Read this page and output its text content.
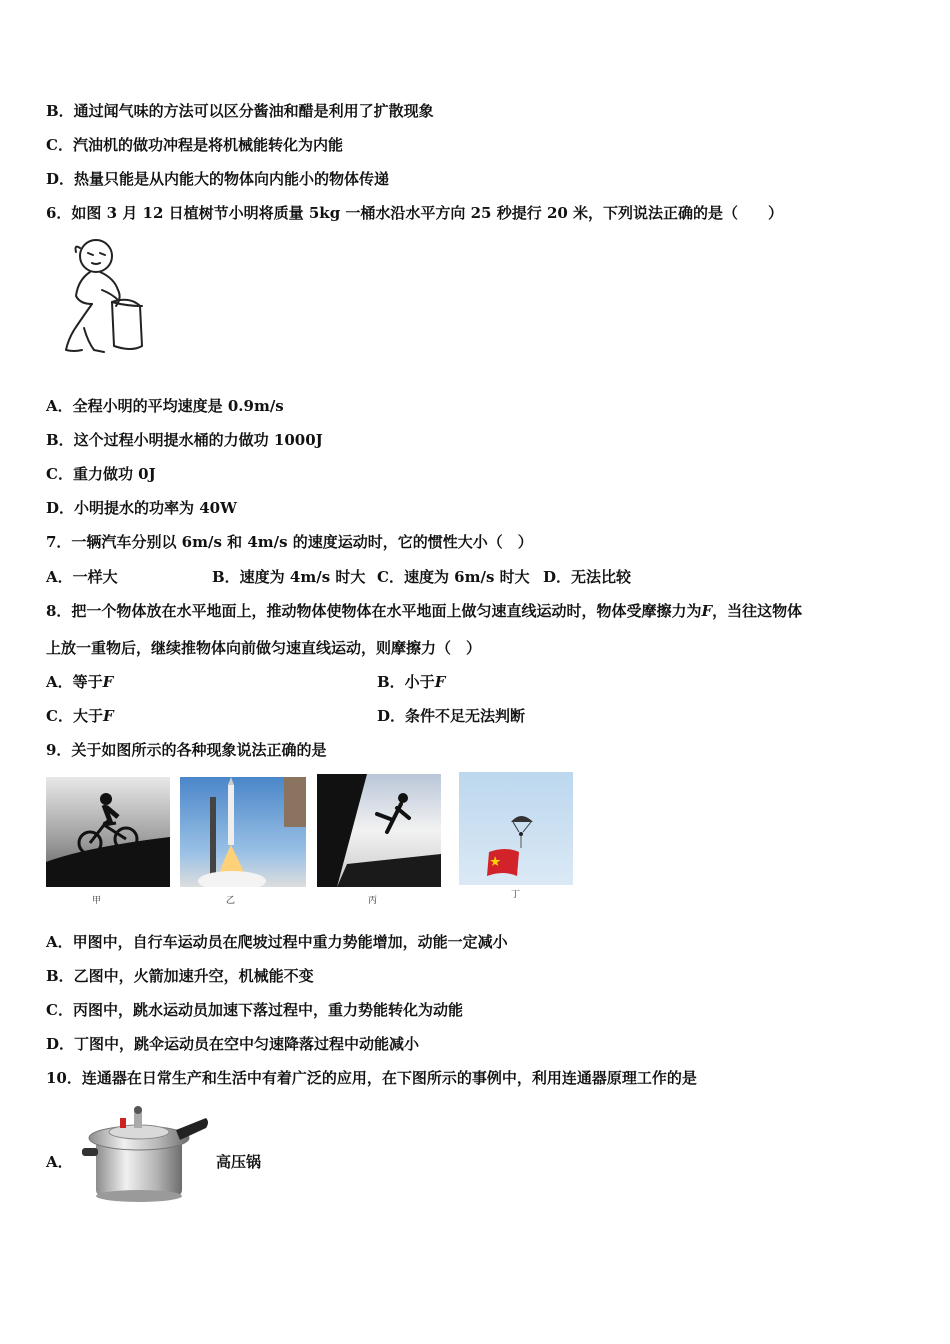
B．通过闻气味的方法可以区分酱油和醋是利用了扩散现象
C．汽油机的做功冲程是将机械能转化为内能
D．热量只能是从内能大的物体向内能小的物体传递
6．如图 3 月 12 日植树节小明将质量 5kg 一桶水沿水平方向 25 秒提行 20 米，下列说法正确的是（　　）
A．全程小明的平均速度是 0.9m/s
B．这个过程小明提水桶的力做功 1000J
C．重力做功 0J
D．小明提水的功率为 40W
7．一辆汽车分别以 6m/s 和 4m/s 的速度运动时，它的惯性大小（　）
A．一样大	B．速度为 4m/s 时大 C．速度为 6m/s 时大 D．无法比较
8．把一个物体放在水平地面上，推动物体使物体在水平地面上做匀速直线运动时，物体受摩擦力为F，当往这物体
上放一重物后，继续推物体向前做匀速直线运动，则摩擦力（　）
A．等于F	B．小于F
C．大于F	D．条件不足无法判断
9．关于如图所示的各种现象说法正确的是
甲	乙	丙
丁
A．甲图中，自行车运动员在爬坡过程中重力势能增加，动能一定减小
B．乙图中，火箭加速升空，机械能不变
C．丙图中，跳水运动员加速下落过程中，重力势能转化为动能
D．丁图中，跳伞运动员在空中匀速降落过程中动能减小
10．连通器在日常生产和生活中有着广泛的应用，在下图所示的事例中，利用连通器原理工作的是
A．	高压锅
